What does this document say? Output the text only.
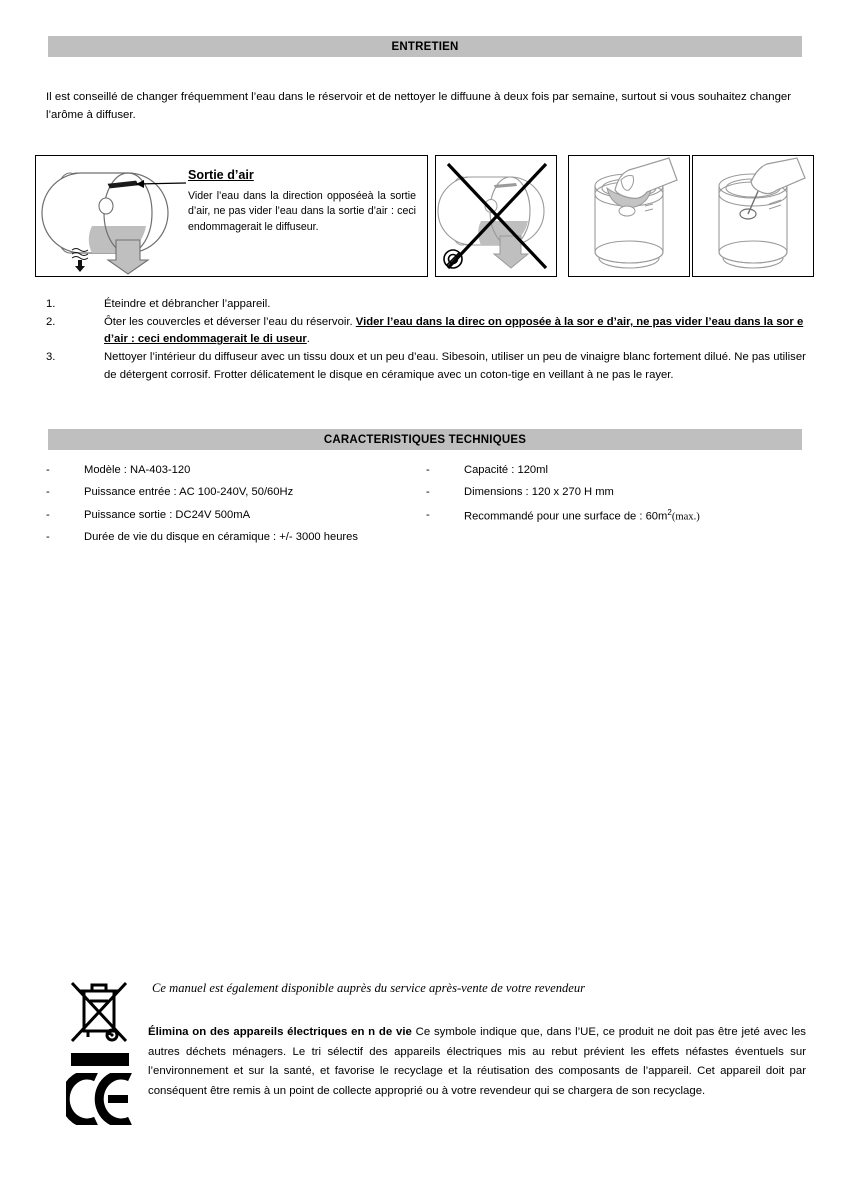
ENTRETIEN

Il est conseillé de changer fréquemment l’eau dans le réservoir et de nettoyer le diffuune à deux fois par semaine, surtout si vous souhaitez changer l’arôme à diffuser.

Sortie d’air
Vider l’eau dans la direction opposéeà la sortie d’air, ne pas vider l’eau dans la sortie d’air : ceci endommagerait le diffuseur.
1.	Éteindre et débrancher l’appareil.
2.	Ôter les couvercles et déverser l’eau du réservoir. Vider l’eau dans la direc on opposée à la sor e d’air, ne pas vider l’eau dans la sor e d’air : ceci endommagerait le di useur.
3.	Nettoyer l’intérieur du diffuseur avec un tissu doux et un peu d’eau. Sibesoin, utiliser un peu de vinaigre blanc fortement dilué. Ne pas utiliser de détergent corrosif. Frotter délicatement le disque en céramique avec un coton-tige en veillant à ne pas le rayer.
CARACTERISTIQUES TECHNIQUES
-	Modèle : NA-403-120
-	Puissance entrée : AC 100-240V, 50/60Hz
-	Puissance sortie : DC24V 500mA
-	Durée de vie du disque en céramique : +/- 3000 heures
-	Capacité : 120ml
-	Dimensions : 120 x 270 H mm
-	Recommandé pour une surface de : $60m^2(\max.)$
Ce manuel est également disponible auprès du service après-vente de votre revendeur
Élimina on des appareils électriques en n de vie Ce symbole indique que, dans l’UE, ce produit ne doit pas être jeté avec les autres déchets ménagers. Le tri sélectif des appareils électriques mis au rebut prévient les effets néfastes éventuels sur l’environnement et sur la santé, et favorise le recyclage et la réutisation des composants de l’appareil. Cet appareil doit par conséquent être remis à un point de collecte approprié ou à votre revendeur qui se chargera de son recyclage.
